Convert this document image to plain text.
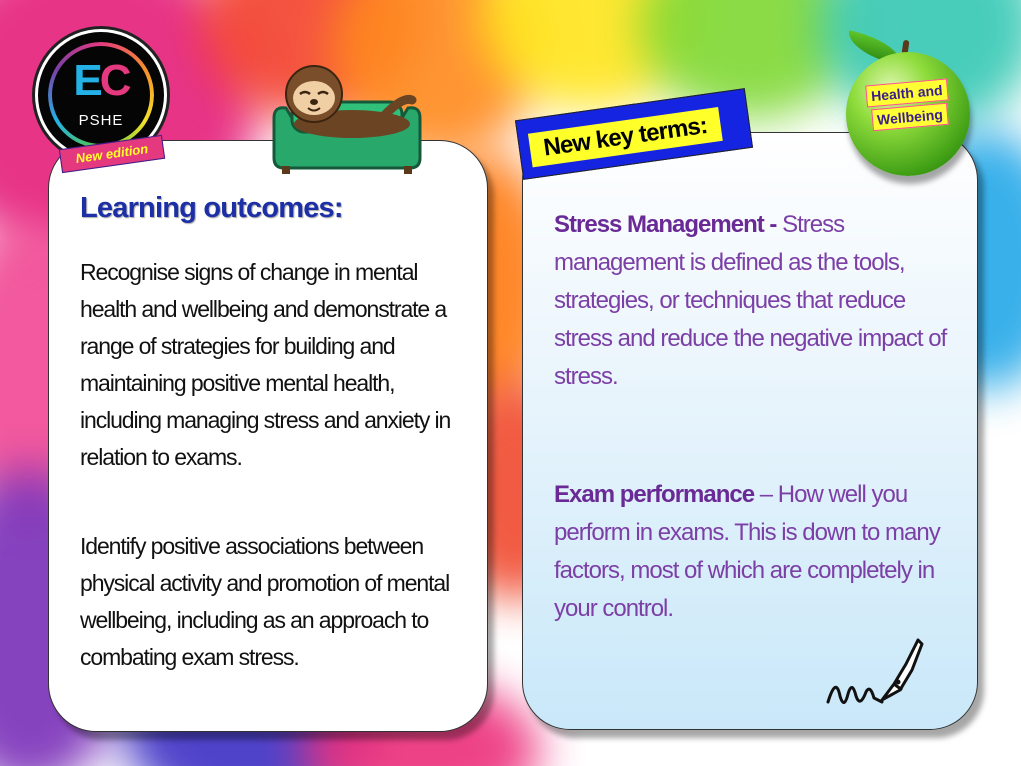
Learning outcomes:

Recognise signs of change in mental health and wellbeing and demonstrate a range of strategies for building and maintaining positive mental health, including managing stress and anxiety in relation to exams.

Identify positive associations between physical activity and promotion of mental wellbeing, including as an approach to combating exam stress.

Stress Management - Stress management is defined as the tools, strategies, or techniques that reduce stress and reduce the negative impact of stress.

Exam performance – How well you perform in exams. This is down to many factors, most of which are completely in your control.

New key terms:
EC
PSHE
New edition
Health and
Wellbeing
